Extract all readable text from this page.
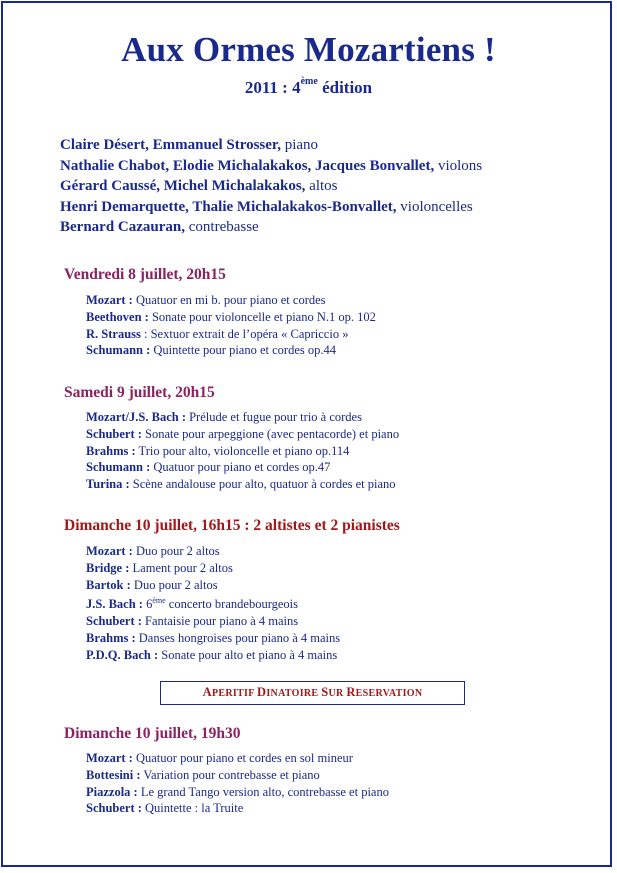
Aux Ormes Mozartiens !
2011 : 4ème édition
Claire Désert, Emmanuel Strosser, piano
Nathalie Chabot, Elodie Michalakakos, Jacques Bonvallet, violons
Gérard Caussé, Michel Michalakakos, altos
Henri Demarquette, Thalie Michalakakos-Bonvallet, violoncelles
Bernard Cazauran, contrebasse
Vendredi 8 juillet, 20h15
Mozart : Quatuor en mi b. pour piano et cordes
Beethoven : Sonate pour violoncelle et piano N.1 op. 102
R. Strauss : Sextuor extrait de l’opéra « Capriccio »
Schumann : Quintette pour piano et cordes op.44
Samedi 9 juillet, 20h15
Mozart/J.S. Bach : Prélude et fugue pour trio à cordes
Schubert : Sonate pour arpeggione (avec pentacorde) et piano
Brahms : Trio pour alto, violoncelle et piano op.114
Schumann : Quatuor pour piano et cordes op.47
Turina : Scène andalouse pour alto, quatuor à cordes et piano
Dimanche 10 juillet, 16h15 : 2 altistes et 2 pianistes
Mozart : Duo pour 2 altos
Bridge : Lament pour 2 altos
Bartok : Duo pour 2 altos
J.S. Bach : 6ème concerto brandebourgeois
Schubert : Fantaisie pour piano à 4 mains
Brahms : Danses hongroises pour piano à 4 mains
P.D.Q. Bach : Sonate pour alto et piano à 4 mains
APERITIF DINATOIRE SUR RESERVATION
Dimanche 10 juillet, 19h30
Mozart : Quatuor pour piano et cordes en sol mineur
Bottesini : Variation pour contrebasse et piano
Piazzola : Le grand Tango version alto, contrebasse et piano
Schubert : Quintette : la Truite
